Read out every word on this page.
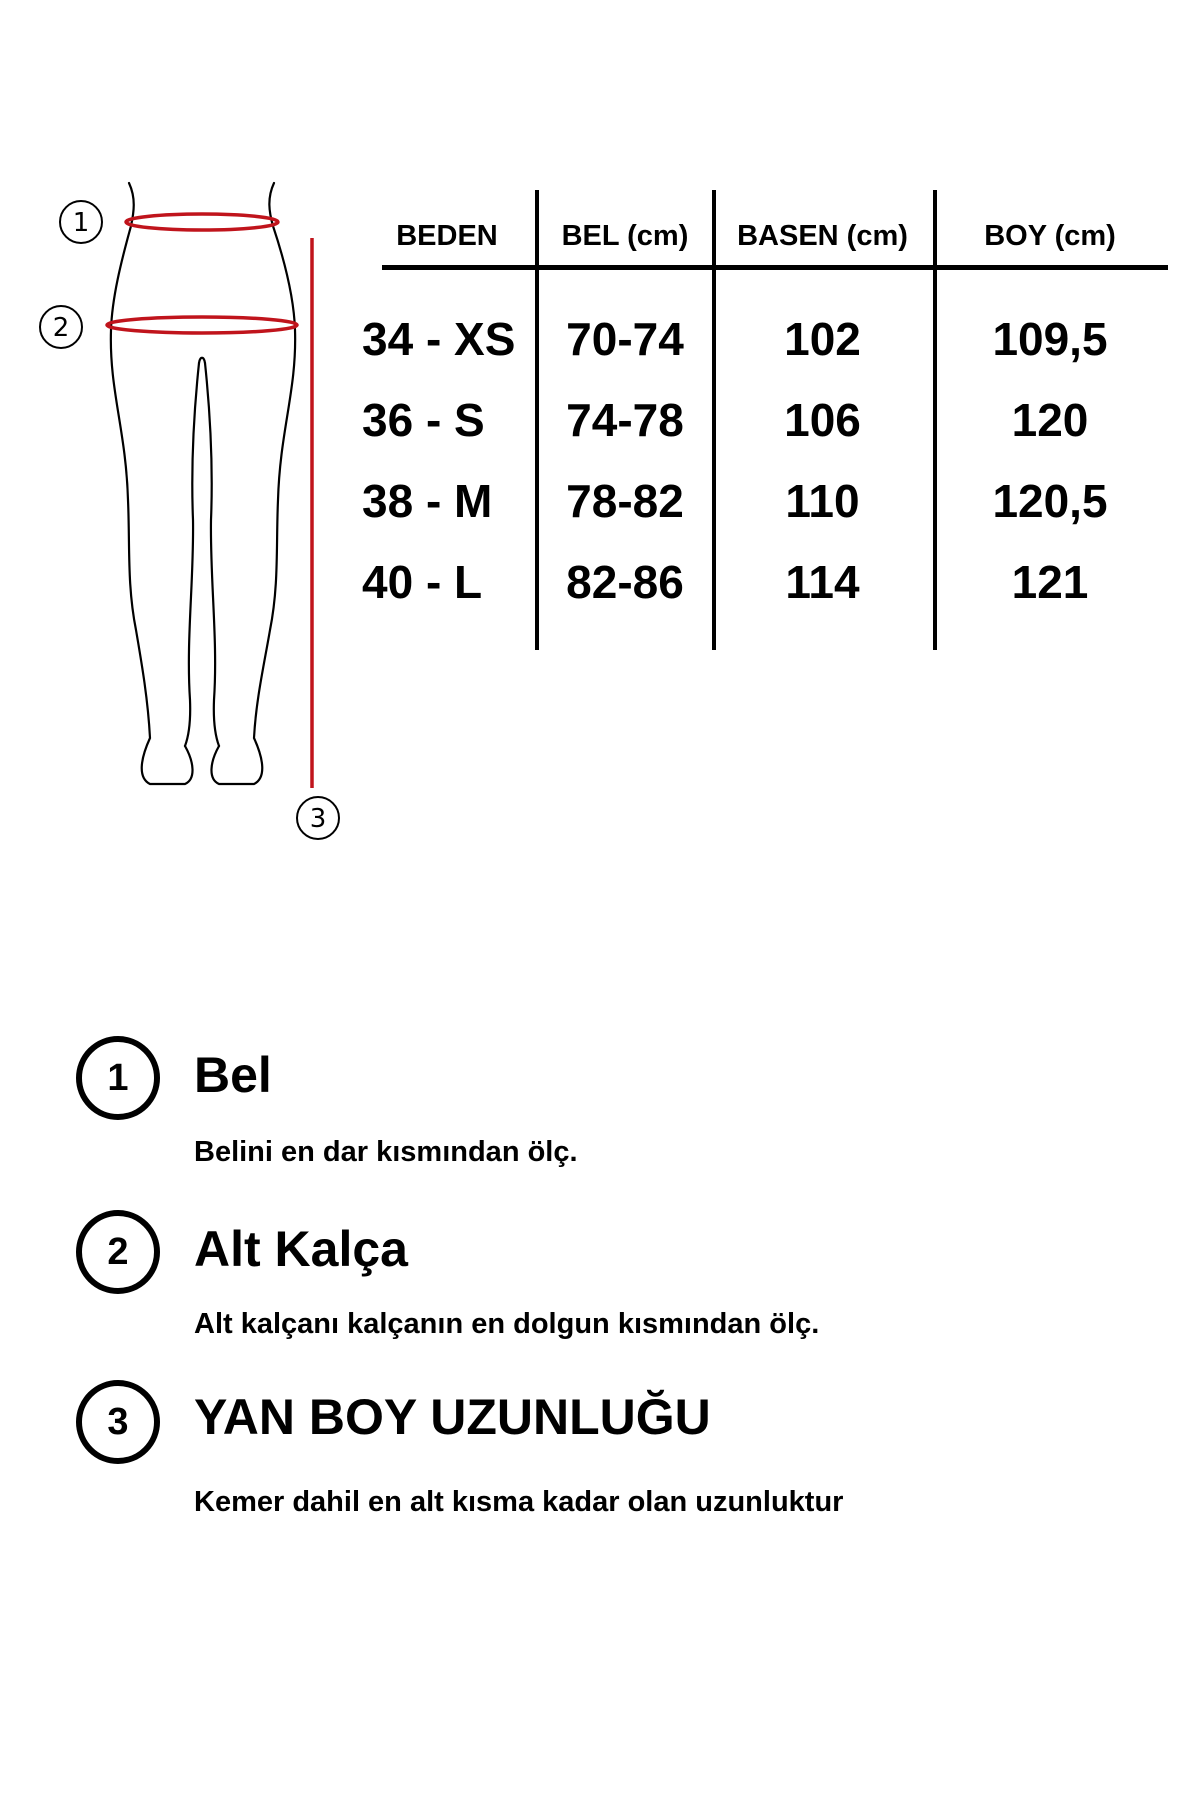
1
2
3
BEDEN	BEL (cm)	BASEN (cm)	BOY (cm)
34 - XS	70-74	102	109,5
36 - S	74-78	106	120
38 - M	78-82	110	120,5
40 - L	82-86	114	121
1 Bel
Belini en dar kısmından ölç.
2 Alt Kalça
Alt kalçanı kalçanın en dolgun kısmından ölç.
3 YAN BOY UZUNLUĞU
Kemer dahil en alt kısma kadar olan uzunluktur
